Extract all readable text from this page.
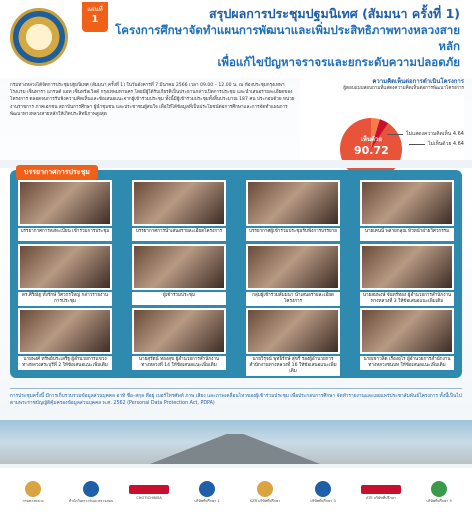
แผ่นที่
1	สรุปผลการประชุมปฐมนิเทศ (สัมมนา ครั้งที่ 1)
โครงการศึกษาจัดทำแผนการพัฒนาและเพิ่มประสิทธิภาพทางหลวงสายหลัก
เพื่อแก้ไขปัญหาจราจรและยกระดับความปลอดภัย
กรมทางหลวงได้จัดการประชุมปฐมนิเทศ (สัมมนา ครั้งที่ 1) ในวันอังคารที่ 7 มีนาคม 2566 เวลา 09.00 – 12.00 น. ณ ห้องประชุมกรุงเทพฯ โรงแรม เซ็นทารา แกรนด์ แอท เซ็นทรัลเวิลด์ กรุงเทพมหานคร โดยมีผู้ได้รับเกียรติเป็นประธานกล่าวเปิดการประชุม และนำเสนอรายละเอียดของโครงการ ตลอดจนการรับฟังความคิดเห็นและข้อเสนอแนะจากผู้เข้าร่วมประชุม ทั้งนี้มีผู้เข้าร่วมประชุมทั้งสิ้นประมาณ 187 คน ประกอบด้วย หน่วยงานราชการ ภาคเอกชน สถาบันการศึกษา ผู้นำชุมชน และประชาชนผู้สนใจ เพื่อให้ได้ข้อมูลที่เป็นประโยชน์ต่อการศึกษาและการจัดทำแผนการพัฒนาทางหลวงสายหลักให้เกิดประสิทธิภาพสูงสุด
ความคิดเห็นต่อการดำเนินโครงการ
ผู้ตอบแบบสอบถามที่แสดงความคิดเห็นต่อการพัฒนาโครงการ
ไม่แสดงความคิดเห็น 4.64
ไม่เห็นด้วย 4.64
เห็นด้วย
90.72
บรรยากาศการประชุม
บรรยากาศการลงทะเบียน เข้าร่วมการประชุม	บรรยากาศการนำเสนอรายละเอียดโครงการ	บรรยากาศผู้เข้าร่วมประชุมรับฟังการบรรยาย	นายเคนนี่ พลายกลุณ หัวหน้าฝ่ายวิศวกรรม
ดร.ศิริณัฐ ทั้งรักษ์ วิศวกรใหญ่ กล่าวรายงานการประชุม
ผู้เข้าร่วมประชุม	กลุ่มผู้เข้าร่วมสัมมนา นำเสนอรายละเอียดโครงการ
นายสมพงษ์ จันทร์ทอง ผู้อำนวยการสำนักงานทางหลวงที่ 3 ให้ข้อเสนอแนะเพิ่มเติม
นายพงศ์ ทรัพย์ประเสริฐ ผู้อำนวยการแขวงทางหลวงสระบุรีที่ 2 ให้ข้อเสนอแนะเพิ่มเติม
นายสุรัตน์ ทองสุข ผู้อำนวยการสำนักงานทางหลวงที่ 14 ให้ข้อเสนอแนะเพิ่มเติม
นายวิรุจน์ พุทธิรักษ์ สุขรี รองผู้อำนวยการสำนักงานทางหลวงที่ 16 ให้ข้อเสนอแนะเพิ่มเติม
นายเชาวลิต เรืองอุไร ผู้อำนวยการสำนักงานทางหลวงชนบท ให้ข้อเสนอแนะเพิ่มเติม
การประชุมครั้งนี้ มีการเก็บรวบรวมข้อมูลส่วนบุคคล อาทิ ชื่อ–สกุล ที่อยู่ เบอร์โทรศัพท์ ภาพ เสียง และภาพเคลื่อนไหวของผู้เข้าร่วมประชุม เพื่อประกอบการศึกษา จัดทำรายงานและเผยแพร่ประชาสัมพันธ์โครงการ ทั้งนี้เป็นไปตามพระราชบัญญัติคุ้มครองข้อมูลส่วนบุคคล พ.ศ. 2562 (Personal Data Protection Act, PDPA)
กรมทางหลวง	สำนักวิเคราะห์และตรวจสอบ
CHOTICHINDA
บริษัทที่ปรึกษา 1	SZR บริษัทที่ปรึกษา	บริษัทที่ปรึกษา 3
ATE บริษัทที่ปรึกษา
บริษัทที่ปรึกษา 5
